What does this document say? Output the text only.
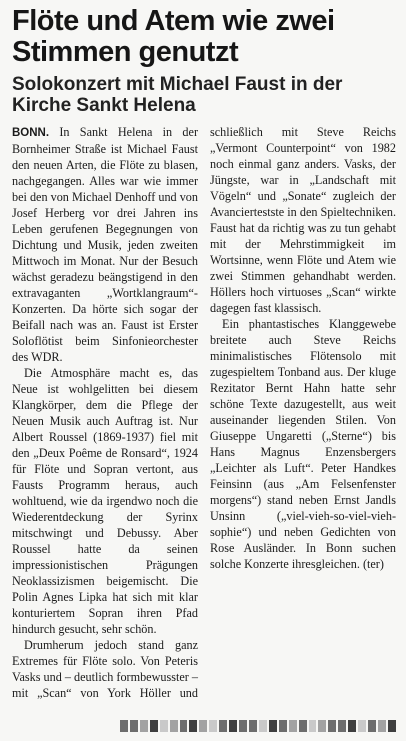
Flöte und Atem wie zwei Stimmen genutzt
Solokonzert mit Michael Faust in der Kirche Sankt Helena

BONN. In Sankt Helena in der Bornheimer Straße ist Michael Faust den neuen Arten, die Flöte zu blasen, nachgegangen. Alles war wie immer bei den von Michael Denhoff und von Josef Herberg vor drei Jahren ins Leben gerufenen Begegnungen von Dichtung und Musik, jeden zweiten Mittwoch im Monat. Nur der Besuch wächst geradezu beängstigend in den extravaganten „Wortklangraum“-Konzerten. Da hörte sich sogar der Beifall nach was an. Faust ist Erster Soloflötist beim Sinfonieorchester des WDR.

Die Atmosphäre macht es, das Neue ist wohlgelitten bei diesem Klangkörper, dem die Pflege der Neuen Musik auch Auftrag ist. Nur Albert Roussel (1869-1937) fiel mit den „Deux Poême de Ronsard“, 1924 für Flöte und Sopran vertont, aus Fausts Programm heraus, auch wohltuend, wie da irgendwo noch die Wiederentdeckung der Syrinx mitschwingt und Debussy. Aber Roussel hatte da seinen impressionistischen Prägungen Neoklassizismen beigemischt. Die Polin Agnes Lipka hat sich mit klar konturiertem Sopran ihren Pfad hindurch gesucht, sehr schön.

Drumherum jedoch stand ganz Extremes für Flöte solo. Von Peteris Vasks und – deutlich formbewusster – mit „Scan“ von York Höller und schließlich mit Steve Reichs „Vermont Counterpoint“ von 1982 noch einmal ganz anders. Vasks, der Jüngste, war in „Landschaft mit Vögeln“ und „Sonate“ zugleich der Avanciertestste in den Spieltechniken. Faust hat da richtig was zu tun gehabt mit der Mehrstimmigkeit im Wortsinne, wenn Flöte und Atem wie zwei Stimmen gehandhabt werden. Höllers hoch virtuoses „Scan“ wirkte dagegen fast klassisch.

Ein phantastisches Klanggewebe breitete auch Steve Reichs minimalistisches Flötensolo mit zugespieltem Tonband aus. Der kluge Rezitator Bernt Hahn hatte sehr schöne Texte dazugestellt, aus weit auseinander liegenden Stilen. Von Giuseppe Ungaretti („Sterne“) bis Hans Magnus Enzensbergers „Leichter als Luft“. Peter Handkes Feinsinn (aus „Am Felsenfenster morgens“) stand neben Ernst Jandls Unsinn („viel-vieh-so-viel-vieh-sophie“) und neben Gedichten von Rose Ausländer. In Bonn suchen solche Konzerte ihresgleichen. (ter)
